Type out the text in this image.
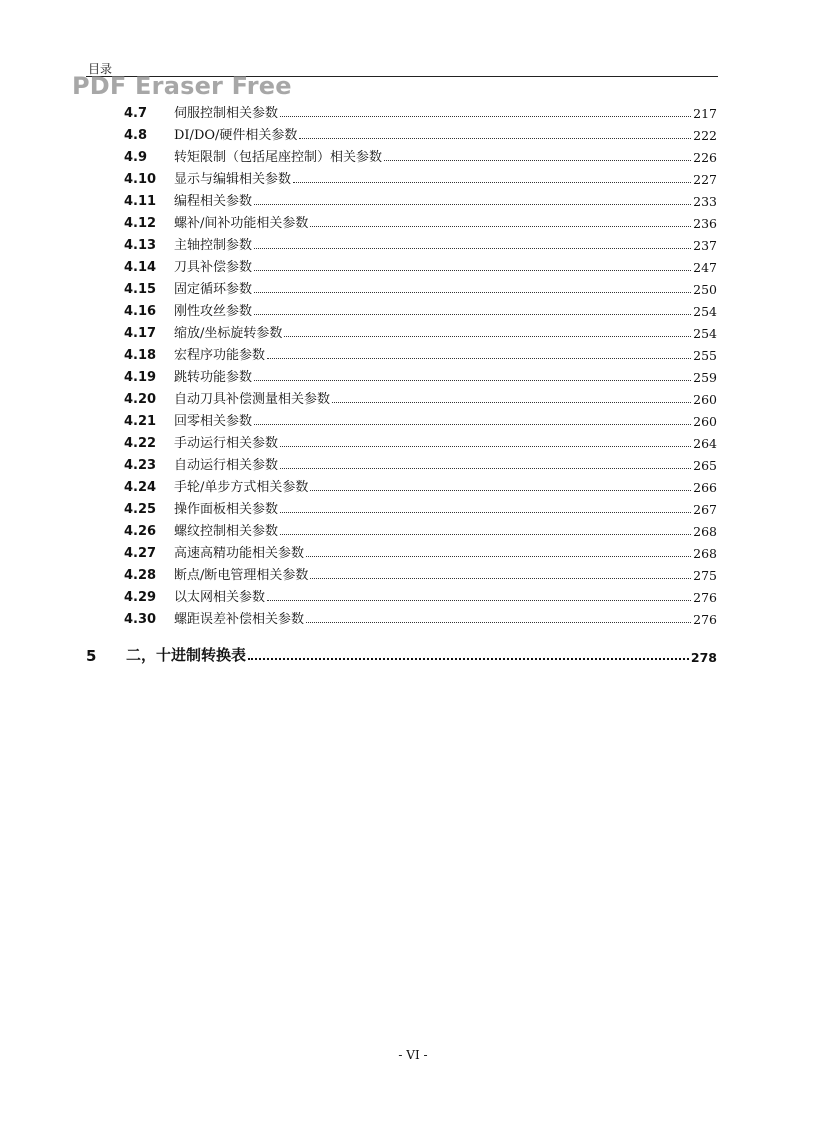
目录
PDF Eraser Free
4.7	伺服控制相关参数	217
4.8	DI/DO/硬件相关参数	222
4.9	转矩限制（包括尾座控制）相关参数	226
4.10	显示与编辑相关参数	227
4.11	编程相关参数	233
4.12	螺补/间补功能相关参数	236
4.13	主轴控制参数	237
4.14	刀具补偿参数	247
4.15	固定循环参数	250
4.16	刚性攻丝参数	254
4.17	缩放/坐标旋转参数	254
4.18	宏程序功能参数	255
4.19	跳转功能参数	259
4.20	自动刀具补偿测量相关参数	260
4.21	回零相关参数	260
4.22	手动运行相关参数	264
4.23	自动运行相关参数	265
4.24	手轮/单步方式相关参数	266
4.25	操作面板相关参数	267
4.26	螺纹控制相关参数	268
4.27	高速高精功能相关参数	268
4.28	断点/断电管理相关参数	275
4.29	以太网相关参数	276
4.30	螺距误差补偿相关参数	276
5	二，十进制转换表	278
- VI -
